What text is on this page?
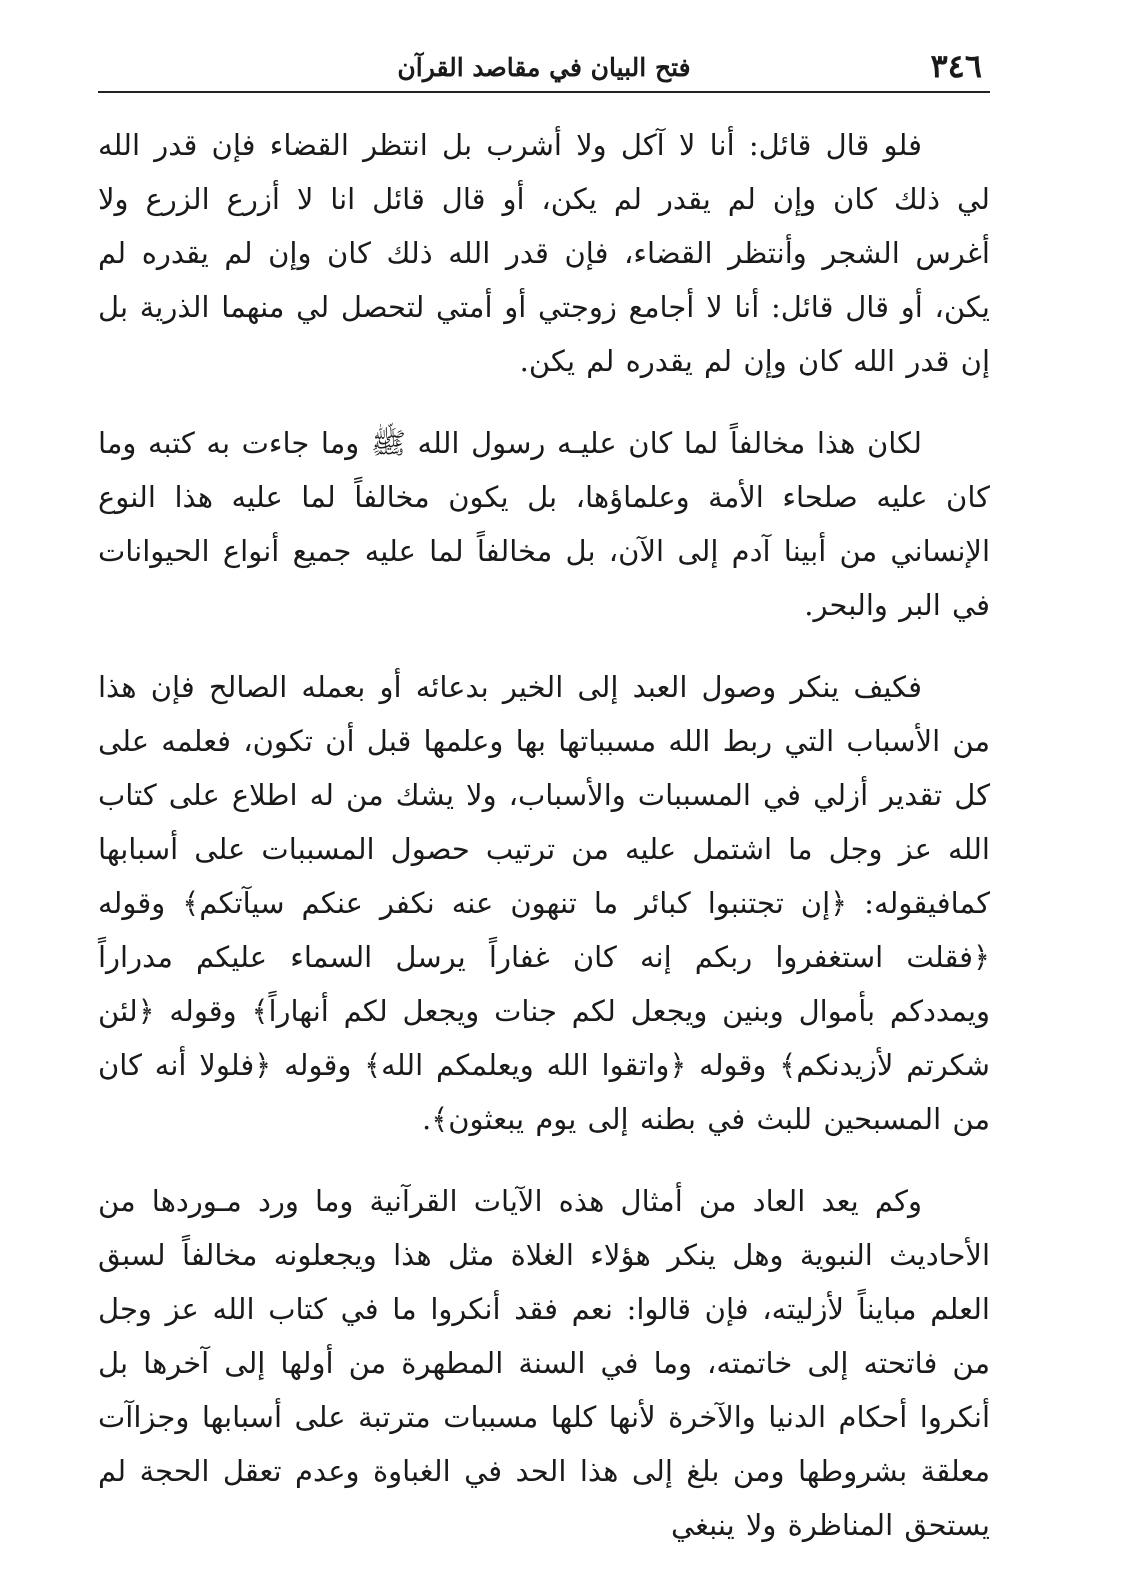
٣٤٦
فتح البيان في مقاصد القرآن

فلو قال قائل: أنا لا آكل ولا أشرب بل انتظر القضاء فإن قدر الله لي ذلك كان وإن لم يقدر لم يكن، أو قال قائل انا لا أزرع الزرع ولا أغرس الشجر وأنتظر القضاء، فإن قدر الله ذلك كان وإن لم يقدره لم يكن، أو قال قائل: أنا لا أجامع زوجتي أو أمتي لتحصل لي منهما الذرية بل إن قدر الله كان وإن لم يقدره لم يكن.

لكان هذا مخالفاً لما كان عليـه رسول الله ﷺ وما جاءت به كتبه وما كان عليه صلحاء الأمة وعلماؤها، بل يكون مخالفاً لما عليه هذا النوع الإنساني من أبينا آدم إلى الآن، بل مخالفاً لما عليه جميع أنواع الحيوانات في البر والبحر.

فكيف ينكر وصول العبد إلى الخير بدعائه أو بعمله الصالح فإن هذا من الأسباب التي ربط الله مسبباتها بها وعلمها قبل أن تكون، فعلمه على كل تقدير أزلي في المسببات والأسباب، ولا يشك من له اطلاع على كتاب الله عز وجل ما اشتمل عليه من ترتيب حصول المسببات على أسبابها كمافيقوله: ﴿إن تجتنبوا كبائر ما تنهون عنه نكفر عنكم سيآتكم﴾ وقوله ﴿فقلت استغفروا ربكم إنه كان غفاراً يرسل السماء عليكم مدراراً ويمددكم بأموال وبنين ويجعل لكم جنات ويجعل لكم أنهاراً﴾ وقوله ﴿لئن شكرتم لأزيدنكم﴾ وقوله ﴿واتقوا الله ويعلمكم الله﴾ وقوله ﴿فلولا أنه كان من المسبحين للبث في بطنه إلى يوم يبعثون﴾.

وكم يعد العاد من أمثال هذه الآيات القرآنية وما ورد مـوردها من الأحاديث النبوية وهل ينكر هؤلاء الغلاة مثل هذا ويجعلونه مخالفاً لسبق العلم مبايناً لأزليته، فإن قالوا: نعم فقد أنكروا ما في كتاب الله عز وجل من فاتحته إلى خاتمته، وما في السنة المطهرة من أولها إلى آخرها بل أنكروا أحكام الدنيا والآخرة لأنها كلها مسببات مترتبة على أسبابها وجزاآت معلقة بشروطها ومن بلغ إلى هذا الحد في الغباوة وعدم تعقل الحجة لم يستحق المناظرة ولا ينبغي
